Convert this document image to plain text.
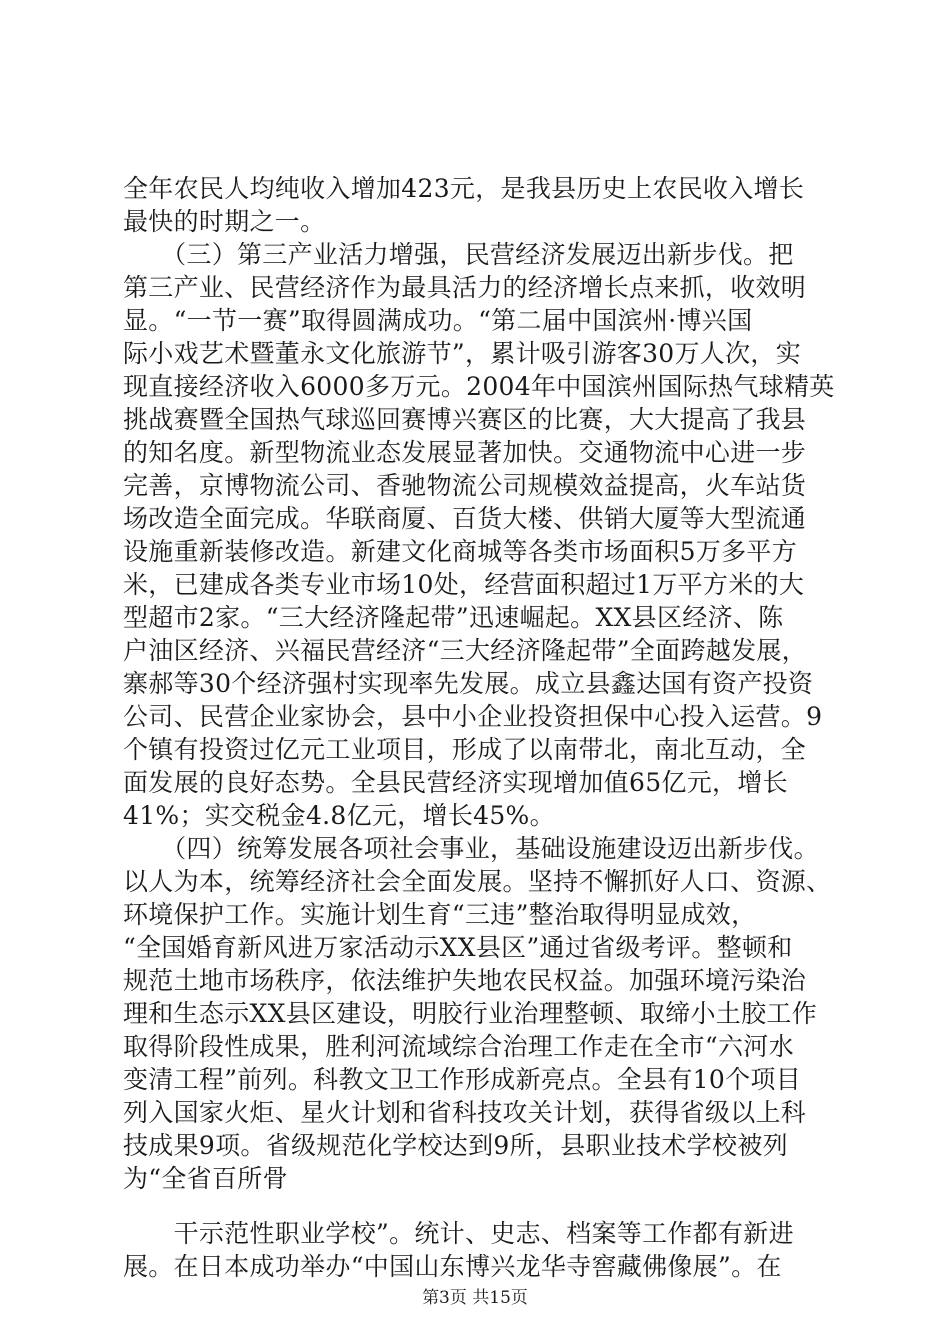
全年农民人均纯收入增加423元，是我县历史上农民收入增长
最快的时期之一。
　　（三）第三产业活力增强，民营经济发展迈出新步伐。把
第三产业、民营经济作为最具活力的经济增长点来抓，收效明
显。“一节一赛”取得圆满成功。“第二届中国滨州·博兴国
际小戏艺术暨董永文化旅游节”，累计吸引游客30万人次，实
现直接经济收入6000多万元。2004年中国滨州国际热气球精英
挑战赛暨全国热气球巡回赛博兴赛区的比赛，大大提高了我县
的知名度。新型物流业态发展显著加快。交通物流中心进一步
完善，京博物流公司、香驰物流公司规模效益提高，火车站货
场改造全面完成。华联商厦、百货大楼、供销大厦等大型流通
设施重新装修改造。新建文化商城等各类市场面积5万多平方
米，已建成各类专业市场10处，经营面积超过1万平方米的大
型超市2家。“三大经济隆起带”迅速崛起。XX县区经济、陈
户油区经济、兴福民营经济“三大经济隆起带”全面跨越发展，
寨郝等30个经济强村实现率先发展。成立县鑫达国有资产投资
公司、民营企业家协会，县中小企业投资担保中心投入运营。9
个镇有投资过亿元工业项目，形成了以南带北，南北互动，全
面发展的良好态势。全县民营经济实现增加值65亿元，增长
41%；实交税金4.8亿元，增长45%。
　　（四）统筹发展各项社会事业，基础设施建设迈出新步伐。
以人为本，统筹经济社会全面发展。坚持不懈抓好人口、资源、
环境保护工作。实施计划生育“三违”整治取得明显成效，
“全国婚育新风进万家活动示XX县区”通过省级考评。整顿和
规范土地市场秩序，依法维护失地农民权益。加强环境污染治
理和生态示XX县区建设，明胶行业治理整顿、取缔小土胶工作
取得阶段性成果，胜利河流域综合治理工作走在全市“六河水
变清工程”前列。科教文卫工作形成新亮点。全县有10个项目
列入国家火炬、星火计划和省科技攻关计划，获得省级以上科
技成果9项。省级规范化学校达到9所，县职业技术学校被列
为“全省百所骨
　　干示范性职业学校”。统计、史志、档案等工作都有新进
展。在日本成功举办“中国山东博兴龙华寺窖藏佛像展”。在
第3页 共15页
